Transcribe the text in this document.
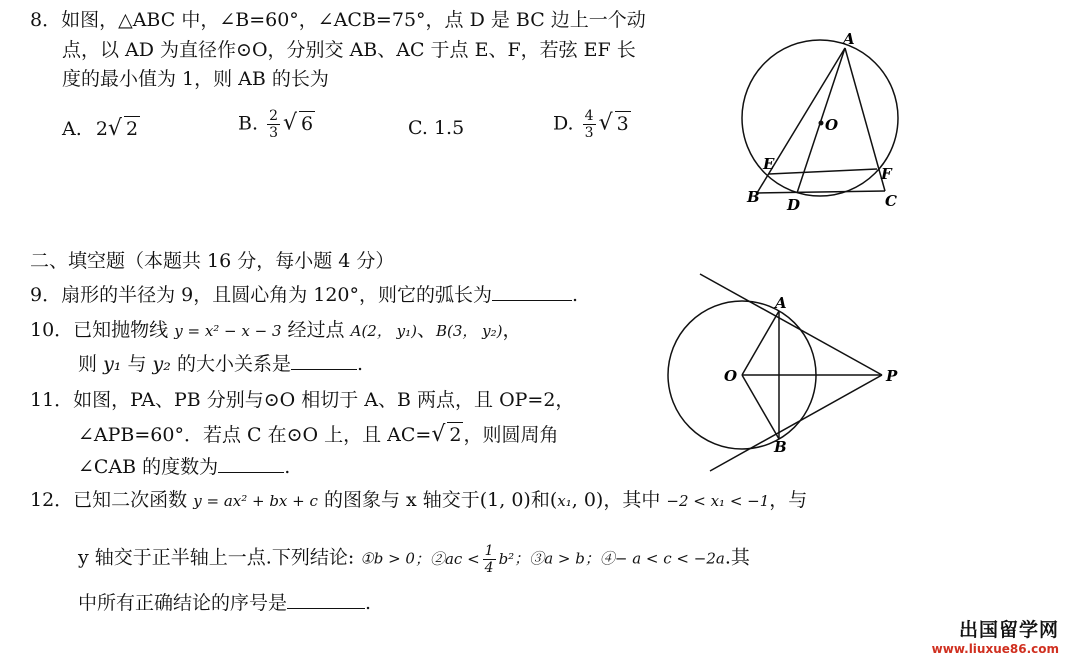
8．如图，△ABC 中，∠B=60°，∠ACB=75°，点 D 是 BC 边上一个动
点，以 AD 为直径作⊙O，分别交 AB、AC 于点 E、F，若弦 EF 长
度的最小值为 1，则 AB 的长为
A. 2√ 2	B. $\frac{2}{3}$ √ 6	C. 1.5	D. $\frac{4}{3}$ √ 3
A
O
E
F
B D	C
二、填空题（本题共 16 分，每小题 4 分）
9．扇形的半径为 9，且圆心角为 120°，则它的弧长为	.
10．已知抛物线 y = x² − x − 3 经过点 A(2， y₁)、B(3， y₂)，
则 y₁ 与 y₂ 的大小关系是	.
11．如图，PA、PB 分别与⊙O 相切于 A、B 两点，且 OP=2，
∠APB=60°．若点 C 在⊙O 上，且 AC=√ 2 ，则圆周角
∠CAB 的度数为	.
A
O	P
B
12．已知二次函数 y = ax² + bx + c 的图象与 x 轴交于(1, 0)和(x₁, 0)，其中 −2 < x₁ < −1，与
y 轴交于正半轴上一点.下列结论: ①b > 0；②ac < $\frac{1}{4} b^2$；③a > b；④− a < c < −2a.其
中所有正确结论的序号是	.
出国留学网
www.liuxue86.com
